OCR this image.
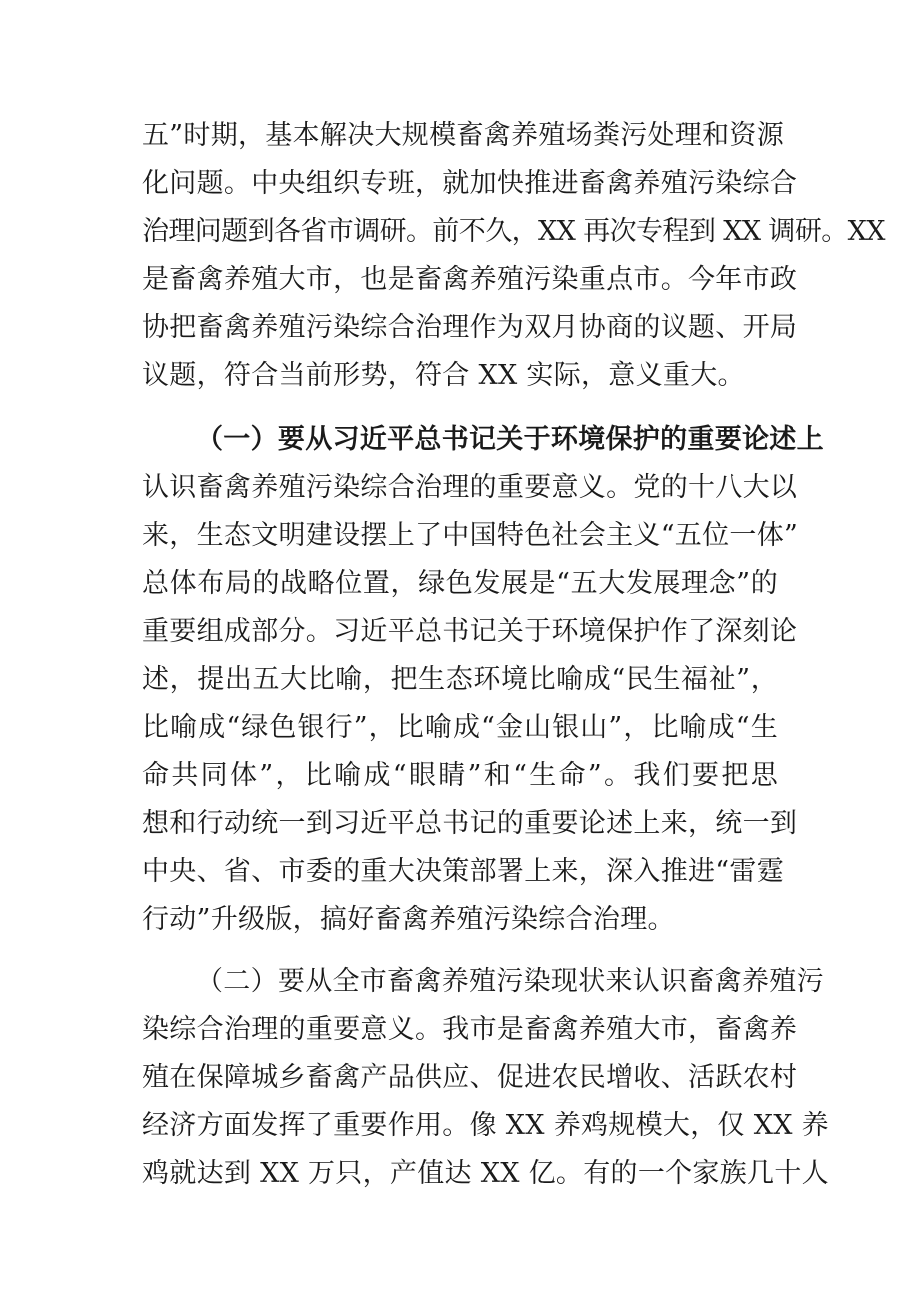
五”时期，基本解决大规模畜禽养殖场粪污处理和资源

化问题。中央组织专班，就加快推进畜禽养殖污染综合

治理问题到各省市调研。前不久，XX 再次专程到 XX 调研。XX

是畜禽养殖大市，也是畜禽养殖污染重点市。今年市政

协把畜禽养殖污染综合治理作为双月协商的议题、开局

议题，符合当前形势，符合 XX 实际，意义重大。

（一）要从习近平总书记关于环境保护的重要论述上

认识畜禽养殖污染综合治理的重要意义。党的十八大以

来，生态文明建设摆上了中国特色社会主义“五位一体”

总体布局的战略位置，绿色发展是“五大发展理念”的

重要组成部分。习近平总书记关于环境保护作了深刻论

述，提出五大比喻，把生态环境比喻成“民生福祉”，

比喻成“绿色银行”，比喻成“金山银山”，比喻成“生

命共同体”，比喻成“眼睛”和“生命”。我们要把思

想和行动统一到习近平总书记的重要论述上来，统一到

中央、省、市委的重大决策部署上来，深入推进“雷霆

行动”升级版，搞好畜禽养殖污染综合治理。

（二）要从全市畜禽养殖污染现状来认识畜禽养殖污

染综合治理的重要意义。我市是畜禽养殖大市，畜禽养

殖在保障城乡畜禽产品供应、促进农民增收、活跃农村

经济方面发挥了重要作用。像 XX 养鸡规模大，仅 XX 养

鸡就达到 XX 万只，产值达 XX 亿。有的一个家族几十人
